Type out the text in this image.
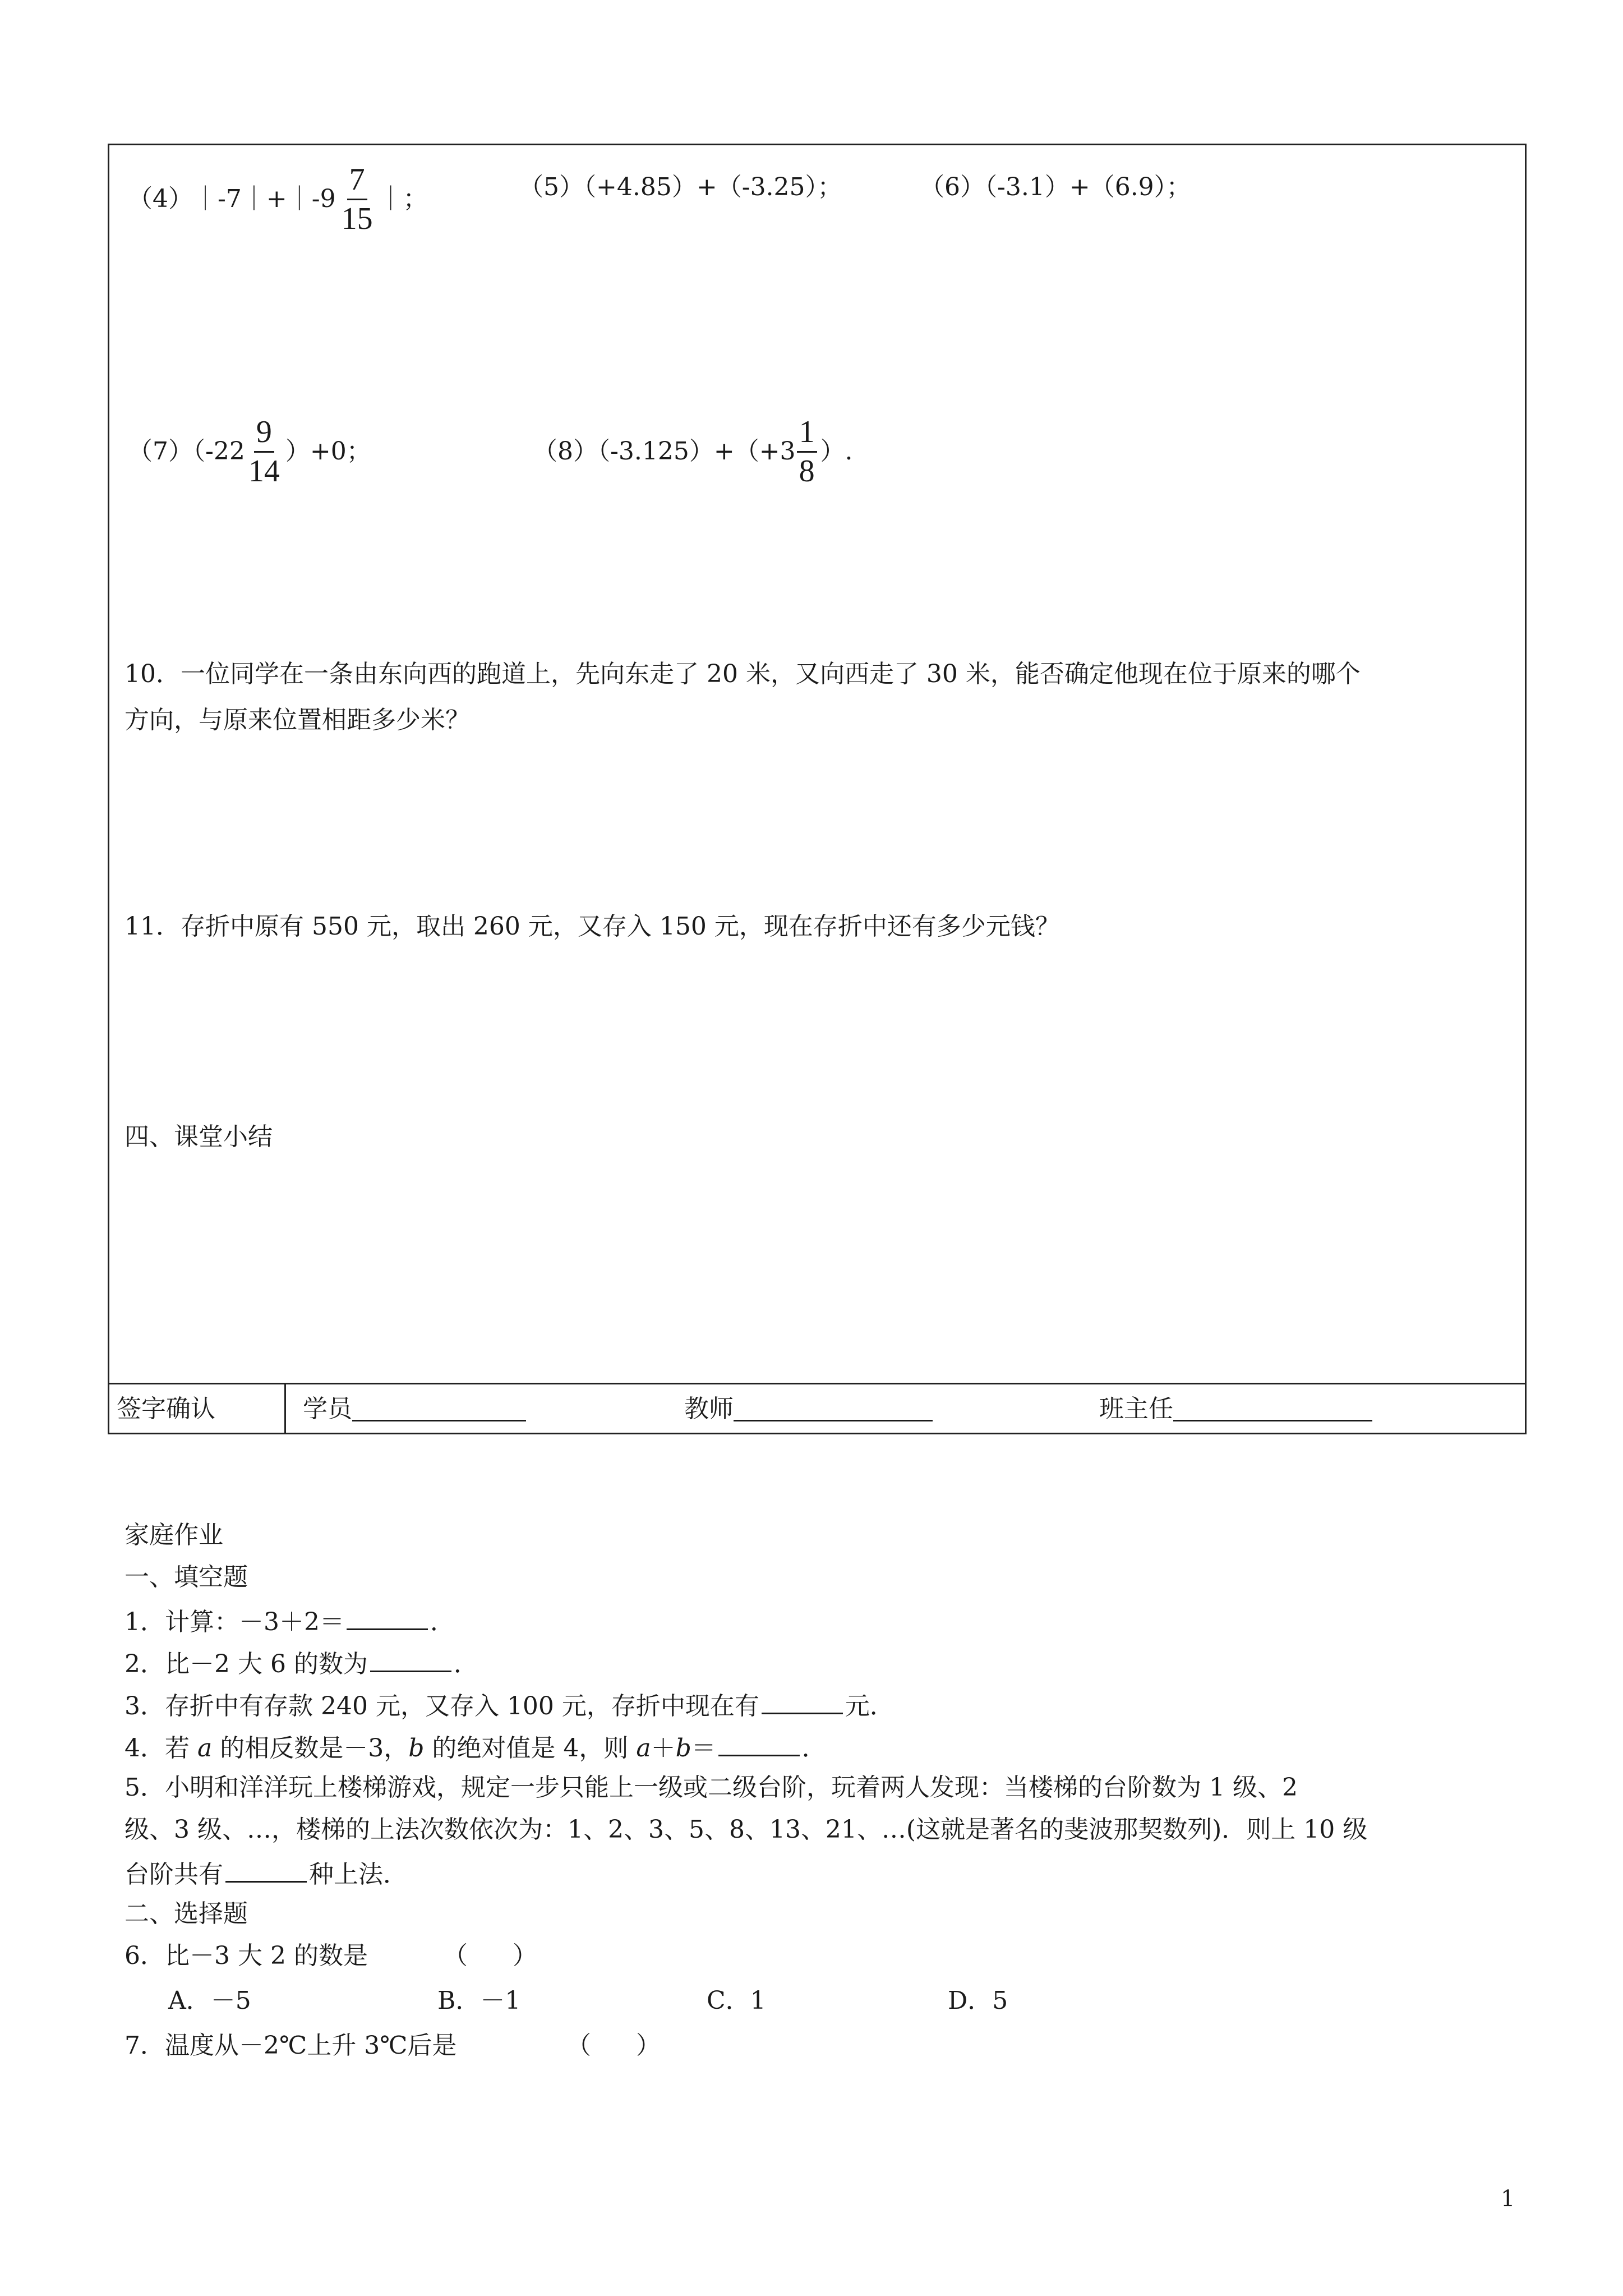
（4）｜-7｜+｜-9 $\frac{7}{15}$ ｜；	（5）（+4.85）+（-3.25）；	（6）（-3.1）+（6.9）；
$(7)(-22 \frac{9}{14} )+0$；	$(8)(-3.125)+(+3 \frac{1}{8}$ ）.
10．一位同学在一条由东向西的跑道上，先向东走了 20 米，又向西走了 30 米，能否确定他现在位于原来的哪个
方向，与原来位置相距多少米？
11．存折中原有 550 元，取出 260 元，又存入 150 元，现在存折中还有多少元钱？
四、课堂小结
签字确认	学员	教师	班主任
家庭作业
一、填空题
1．计算：－3＋2＝	．
2．比－2 大 6 的数为	．
3．存折中有存款 240 元，又存入 100 元，存折中现在有	元．
4．若 a 的相反数是－3，b 的绝对值是 4，则 a＋b＝	．
5．小明和洋洋玩上楼梯游戏，规定一步只能上一级或二级台阶，玩着两人发现：当楼梯的台阶数为 1 级、2
级、3 级、…，楼梯的上法次数依次为：1、2、3、5、8、13、21、…(这就是著名的斐波那契数列)．则上 10 级
台阶共有	种上法．
二、选择题
6．比－3 大 2 的数是	（ ）
A．－5	B．－1	C．1	D．5
7．温度从－2℃上升 3℃后是	（ ）
1
